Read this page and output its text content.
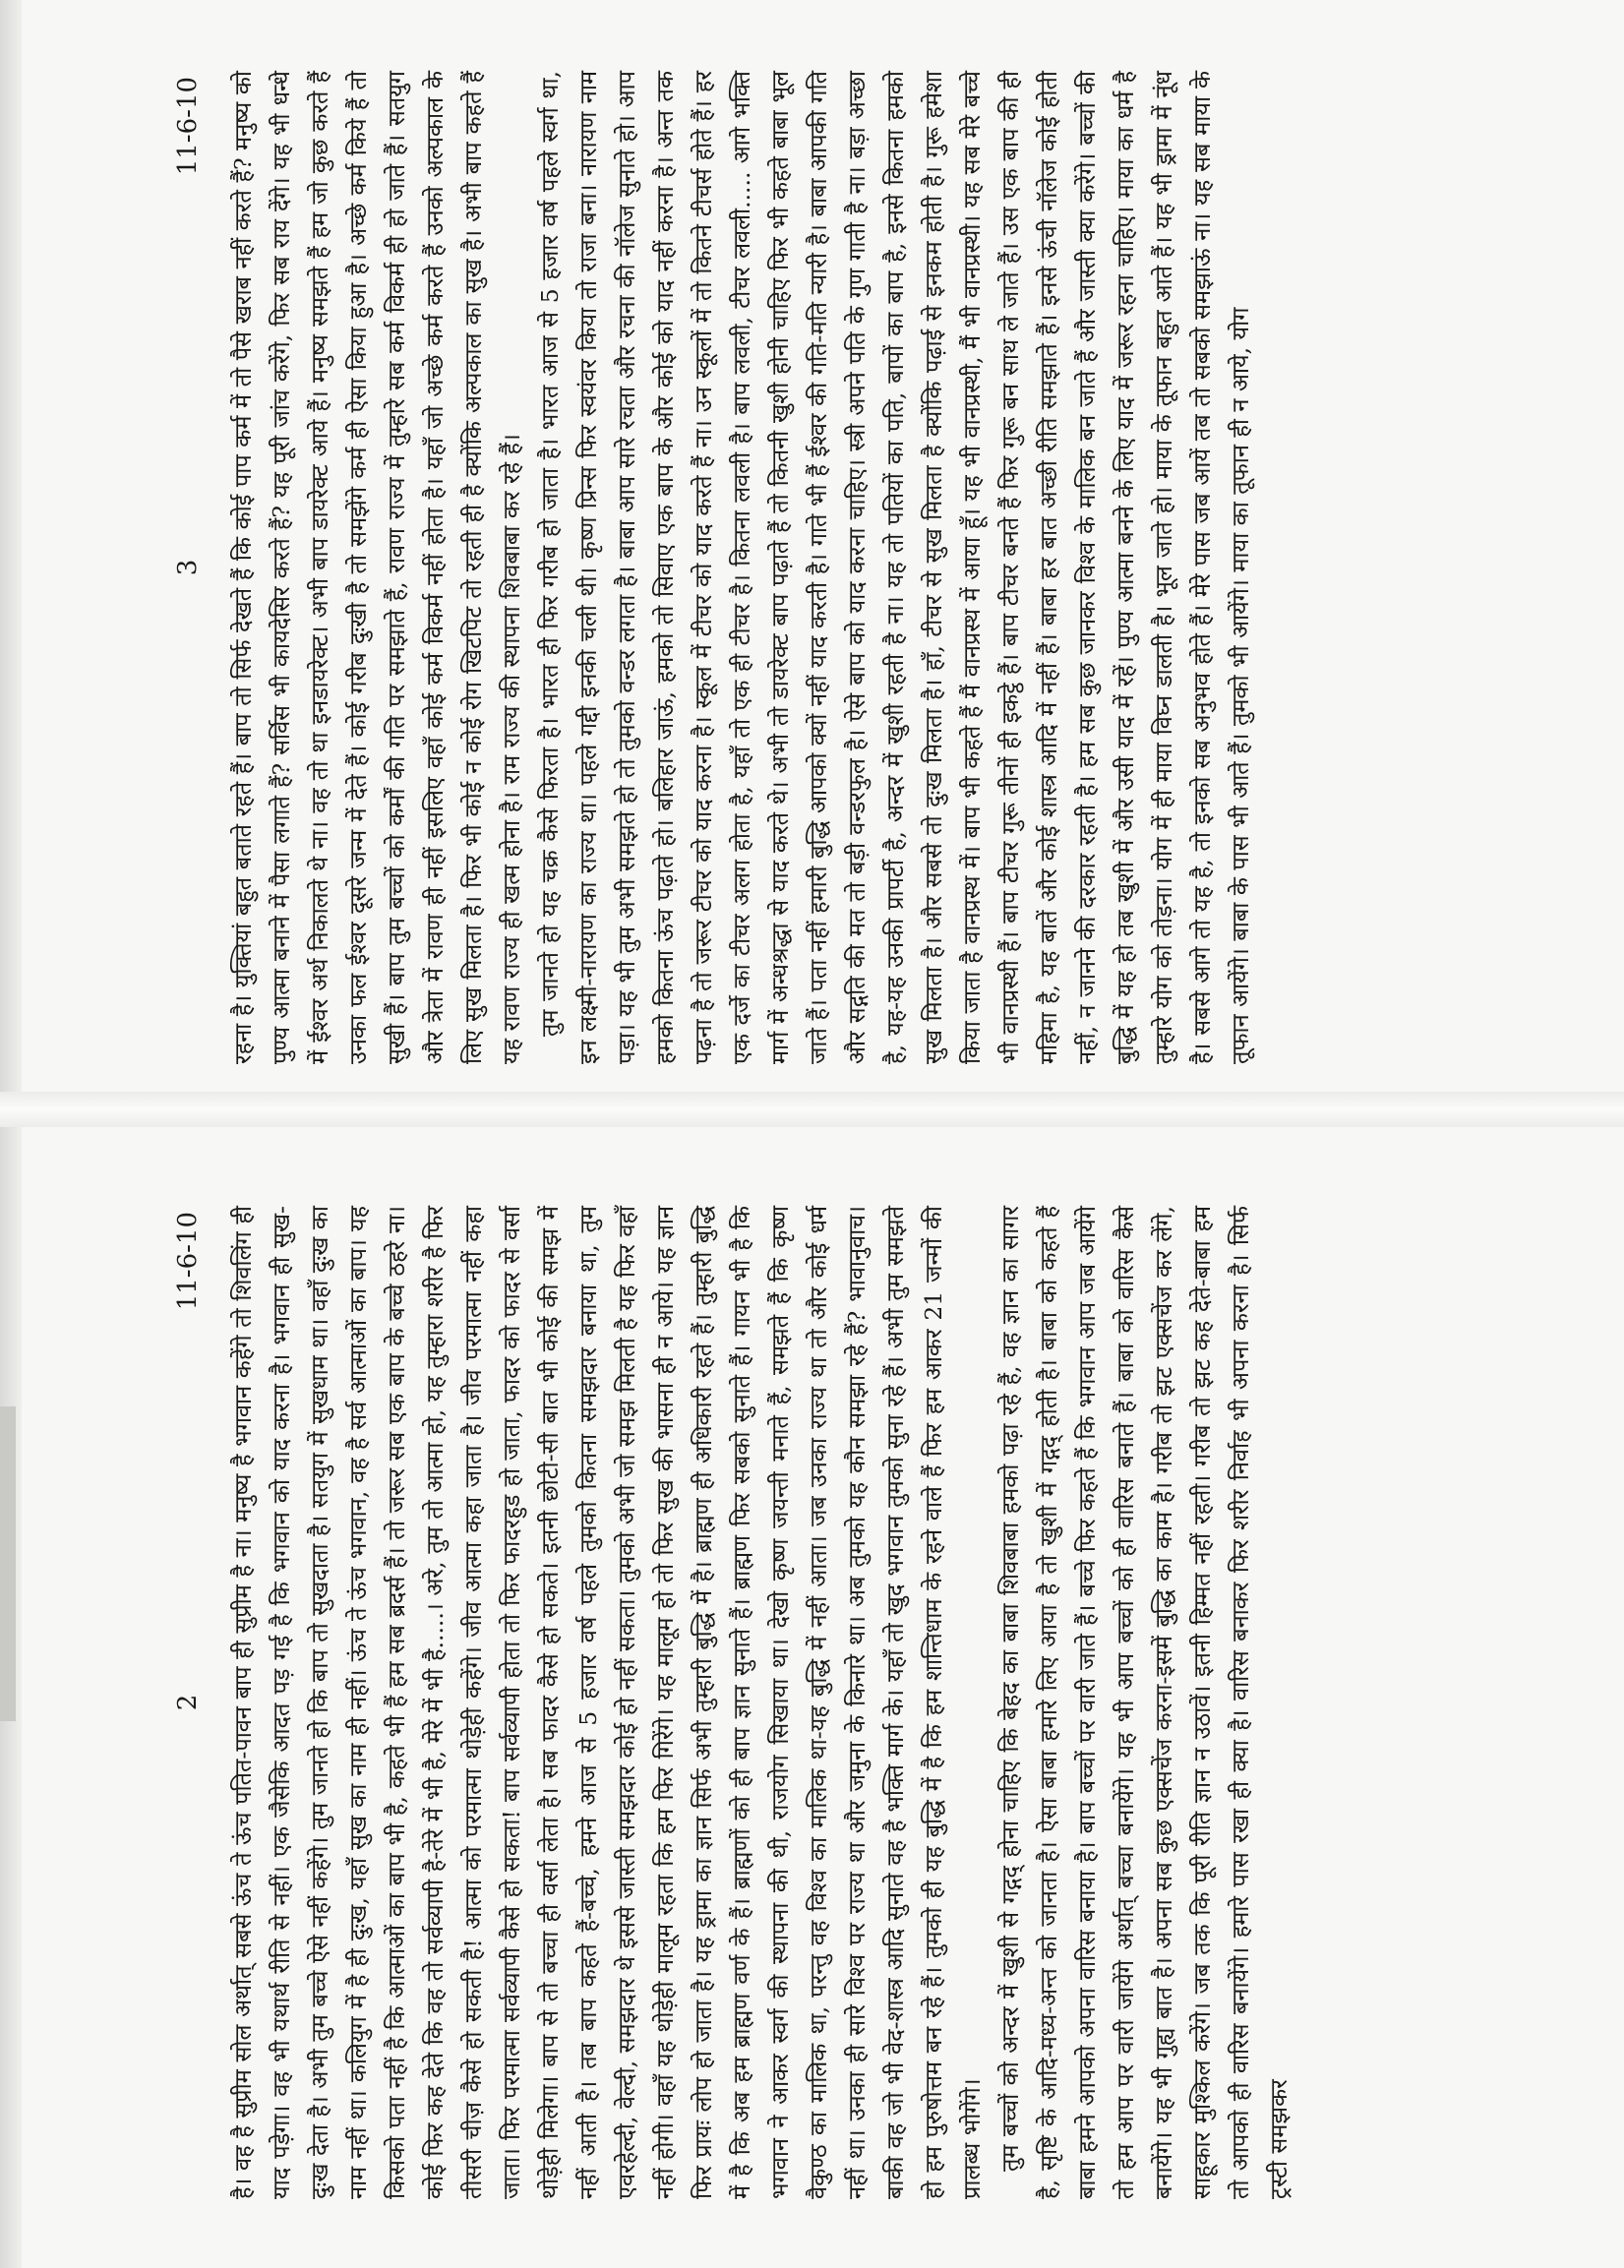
3
11-6-10 रहना है। युक्तियां बहुत बताते रहते हैं। बाप तो सिर्फ देखते हैं कि कोई पाप कर्म में तो पैसे खराब नहीं करते हैं? मनुष्य को पुण्य आत्मा बनाने में पैसा लगाते हैं? सर्विस भी कायदेसिर करते हैं? यह पूरी जांच करेंगे, फिर सब राय देंगे। यह भी धन्धे में ईश्वर अर्थ निकालते थे ना। वह तो था इनडायरेक्ट। अभी बाप डायरेक्ट आये हैं। मनुष्य समझते हैं हम जो कुछ करते हैं उनका फल ईश्वर दूसरे जन्म में देते हैं। कोई गरीब दुःखी है तो समझेंगे कर्म ही ऐसा किया हुआ है। अच्छे कर्म किये हैं तो सुखी हैं। बाप तुम बच्चों को कर्मों की गति पर समझाते हैं, रावण राज्य में तुम्हारे सब कर्म विकर्म ही हो जाते हैं। सतयुग और त्रेता में रावण ही नहीं इसलिए वहाँ कोई कर्म विकर्म नहीं होता है। यहाँ जो अच्छे कर्म करते हैं उनको अल्पकाल के लिए सुख मिलता है। फिर भी कोई न कोई रोग खिटपिट तो रहती ही है क्योंकि अल्पकाल का सुख है। अभी बाप कहते हैं यह रावण राज्य ही खत्म होना है। राम राज्य की स्थापना शिवबाबा कर रहे हैं। तुम जानते हो यह चक्र कैसे फिरता है। भारत ही फिर गरीब हो जाता है। भारत आज से 5 हजार वर्ष पहले स्वर्ग था, इन लक्ष्मी-नारायण का राज्य था। पहले गद्दी इनकी चली थी। कृष्ण प्रिन्स फिर स्वयंवर किया तो राजा बना। नारायण नाम पड़ा। यह भी तुम अभी समझते हो तो तुमको वन्डर लगता है। बाबा आप सारे रचता और रचना की नॉलेज सुनाते हो। आप हमको कितना ऊंच पढ़ाते हो। बलिहार जाऊं, हमको तो सिवाए एक बाप के और कोई को याद नहीं करना है। अन्त तक पढ़ना है तो जरूर टीचर को याद करना है। स्कूल में टीचर को याद करते हैं ना। उन स्कूलों में तो कितने टीचर्स होते हैं। हर एक दर्जे का टीचर अलग होता है, यहाँ तो एक ही टीचर है। कितना लवली है। बाप लवली, टीचर लवली..... आगे भक्ति मार्ग में अन्धश्रद्धा से याद करते थे। अभी तो डायरेक्ट बाप पढ़ाते हैं तो कितनी खुशी होनी चाहिए फिर भी कहते बाबा भूल जाते हैं। पता नहीं हमारी बुद्धि आपको क्यों नहीं याद करती है। गाते भी हैं ईश्वर की गति-मति न्यारी है। बाबा आपकी गति और सद्गति की मत तो बड़ी वन्डरफुल है। ऐसे बाप को याद करना चाहिए। स्त्री अपने पति के गुण गाती है ना। बड़ा अच्छा है, यह-यह उनकी प्रापर्टी है, अन्दर में खुशी रहती है ना। यह तो पतियों का पति, बापों का बाप है, इनसे कितना हमको सुख मिलता है। और सबसे तो दुःख मिलता है। हाँ, टीचर से सुख मिलता है क्योंकि पढ़ाई से इनकम होती है। गुरू हमेशा किया जाता है वानप्रस्थ में। बाप भी कहते हैं मैं वानप्रस्थ में आया हूँ। यह भी वानप्रस्थी, मैं भी वानप्रस्थी। यह सब मेरे बच्चे भी वानप्रस्थी हैं। बाप टीचर गुरू तीनों ही इकट्ठे हैं। बाप टीचर बनते हैं फिर गुरू बन साथ ले जाते हैं। उस एक बाप की ही महिमा है, यह बातें और कोई शास्त्र आदि में नहीं हैं। बाबा हर बात अच्छी रीति समझाते हैं। इनसे ऊंची नॉलेज कोई होती नहीं, न जानने की दरकार रहती है। हम सब कुछ जानकर विश्व के मालिक बन जाते हैं और जास्ती क्या करेंगे। बच्चों की बुद्धि में यह हो तब खुशी में और उसी याद में रहें। पुण्य आत्मा बनने के लिए याद में जरूर रहना चाहिए। माया का धर्म है तुम्हारे योग को तोड़ना। योग में ही माया विघ्न डालती है। भूल जाते हो। माया के तूफान बहुत आते हैं। यह भी ड्रामा में नूंध है। सबसे आगे तो यह है, तो इनको सब अनुभव होते हैं। मेरे पास जब आयें तब तो सबको समझाऊं ना। यह सब माया के तूफान आयेंगे। बाबा के पास भी आते हैं। तुमको भी आयेंगे। माया का तूफान ही न आये, योग

2
11-6-10 है। वह है सुप्रीम सोल अर्थात् सबसे ऊंच ते ऊंच पतित-पावन बाप ही सुप्रीम है ना। मनुष्य है भगवान कहेंगे तो शिवलिंग ही याद पड़ेगा। वह भी यथार्थ रीति से नहीं। एक जैसेकि आदत पड़ गई है कि भगवान को याद करना है। भगवान ही सुख-दुःख देता है। अभी तुम बच्चे ऐसे नहीं कहेंगे। तुम जानते हो कि बाप तो सुखदाता है। सतयुग में सुखधाम था। वहाँ दुःख का नाम नहीं था। कलियुग में है ही दुःख, यहाँ सुख का नाम ही नहीं। ऊंच ते ऊंच भगवान, वह है सर्व आत्माओं का बाप। यह किसको पता नहीं है कि आत्माओं का बाप भी है, कहते भी हैं हम सब ब्रदर्स हैं। तो जरूर सब एक बाप के बच्चे ठहरे ना। कोई फिर कह देते कि वह तो सर्वव्यापी है-तेरे में भी है, मेरे में भी है.....। अरे, तुम तो आत्मा हो, यह तुम्हारा शरीर है फिर तीसरी चीज़ कैसे हो सकती है! आत्मा को परमात्मा थोड़ेही कहेंगे। जीव आत्मा कहा जाता है। जीव परमात्मा नहीं कहा जाता। फिर परमात्मा सर्वव्यापी कैसे हो सकता! बाप सर्वव्यापी होता तो फिर फादरहुड हो जाता, फादर को फादर से वर्सा थोड़ेही मिलेगा। बाप से तो बच्चा ही वर्सा लेता है। सब फादर कैसे हो सकते। इतनी छोटी-सी बात भी कोई की समझ में नहीं आती है। तब बाप कहते हैं-बच्चे, हमने आज से 5 हजार वर्ष पहले तुमको कितना समझदार बनाया था, तुम एवरहेल्दी, वेल्दी, समझदार थे इससे जास्ती समझदार कोई हो नहीं सकता। तुमको अभी जो समझ मिलती है यह फिर वहाँ नहीं होगी। वहाँ यह थोड़ेही मालूम रहता कि हम फिर गिरेंगे। यह मालूम हो तो फिर सुख की भासना ही न आये। यह ज्ञान फिर प्रायः लोप हो जाता है। यह ड्रामा का ज्ञान सिर्फ अभी तुम्हारी बुद्धि में है। ब्राह्मण ही अधिकारी रहते हैं। तुम्हारी बुद्धि में है कि अब हम ब्राह्मण वर्ण के हैं। ब्राह्मणों को ही बाप ज्ञान सुनाते हैं। ब्राह्मण फिर सबको सुनाते हैं। गायन भी है कि भगवान ने आकर स्वर्ग की स्थापना की थी, राजयोग सिखाया था। देखो कृष्ण जयन्ती मनाते हैं, समझते हैं कि कृष्ण वैकुण्ठ का मालिक था, परन्तु वह विश्व का मालिक था-यह बुद्धि में नहीं आता। जब उनका राज्य था तो और कोई धर्म नहीं था। उनका ही सारे विश्व पर राज्य था और जमुना के किनारे था। अब तुमको यह कौन समझा रहे हैं? भावानुवाच। बाकी वह जो भी वेद-शास्त्र आदि सुनाते वह है भक्ति मार्ग के। यहाँ तो खुद भगवान तुमको सुना रहे हैं। अभी तुम समझते हो हम पुरुषोत्तम बन रहे हैं। तुमको ही यह बुद्धि में है कि हम शान्तिधाम के रहने वाले हैं फिर हम आकर 21 जन्मों की प्रालब्ध भोगेंगे। तुम बच्चों को अन्दर में खुशी से गद्गद् होना चाहिए कि बेहद का बाबा शिवबाबा हमको पढ़ा रहे हैं, वह ज्ञान का सागर है, सृष्टि के आदि-मध्य-अन्त को जानता है। ऐसा बाबा हमारे लिए आया है तो खुशी में गद्गद् होती है। बाबा को कहते हैं बाबा हमने आपको अपना वारिस बनाया है। बाप बच्चों पर वारी जाते हैं। बच्चे फिर कहते हैं कि भगवान आप जब आयेंगे तो हम आप पर वारी जायेंगे अर्थात् बच्चा बनायेंगे। यह भी आप बच्चों को ही वारिस बनाते हैं। बाबा को वारिस कैसे बनायेंगे। यह भी गुह्य बात है। अपना सब कुछ एक्सचेंज करना-इसमें बुद्धि का काम है। गरीब तो झट एक्सचेंज कर लेंगे, साहूकार मुश्किल करेंगे। जब तक कि पूरी रीति ज्ञान न उठावें। इतनी हिम्मत नहीं रहती। गरीब तो झट कह देते-बाबा हम तो आपको ही वारिस बनायेंगे। हमारे पास रखा ही क्या है। वारिस बनाकर फिर शरीर निर्वाह भी अपना करना है। सिर्फ ट्रस्टी समझकर
